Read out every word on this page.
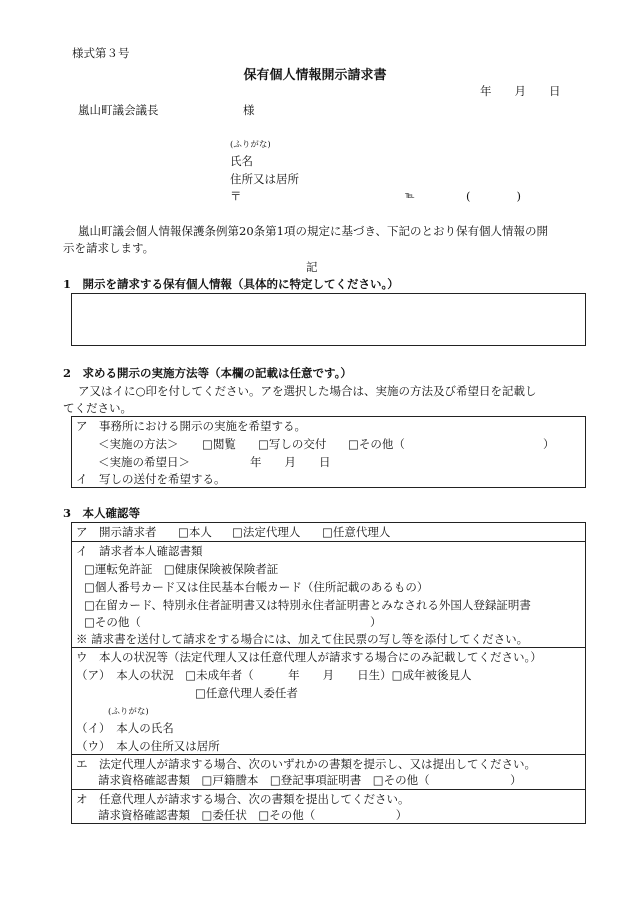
様式第３号
保有個人情報開示請求書
年　　月　　日
嵐山町議会議長	様
(ふりがな)
氏名
住所又は居所
〒	℡	(　　　　)
嵐山町議会個人情報保護条例第20条第1項の規定に基づき、下記のとおり保有個人情報の開
示を請求します。
記
1　開示を請求する保有個人情報（具体的に特定してください。）
2　求める開示の実施方法等（本欄の記載は任意です。）
ア又はイに○印を付してください。アを選択した場合は、実施の方法及び希望日を記載し
てください。
ア　事務所における開示の実施を希望する。
＜実施の方法＞ □閲覧 □写しの交付 □その他（	）
＜実施の希望日＞	年　　月　　日
イ　写しの送付を希望する。
3　本人確認等
ア　開示請求者 □本人 □法定代理人 □任意代理人
イ　請求者本人確認書類
□運転免許証　□健康保険被保険者証
□個人番号カード又は住民基本台帳カード（住所記載のあるもの）
□在留カード、特別永住者証明書又は特別永住者証明書とみなされる外国人登録証明書
□その他（	）
※ 請求書を送付して請求をする場合には、加えて住民票の写し等を添付してください。
ウ　本人の状況等（法定代理人又は任意代理人が請求する場合にのみ記載してください。）
（ア）　本人の状況　□未成年者（　　　年　　月　　日生）□成年被後見人
□任意代理人委任者
(ふりがな)
（イ）　本人の氏名
（ウ）　本人の住所又は居所
エ　法定代理人が請求する場合、次のいずれかの書類を提示し、又は提出してください。
請求資格確認書類　□戸籍謄本　□登記事項証明書　□その他（　　　　　　　）
オ　任意代理人が請求する場合、次の書類を提出してください。
請求資格確認書類　□委任状　□その他（　　　　　　　）
